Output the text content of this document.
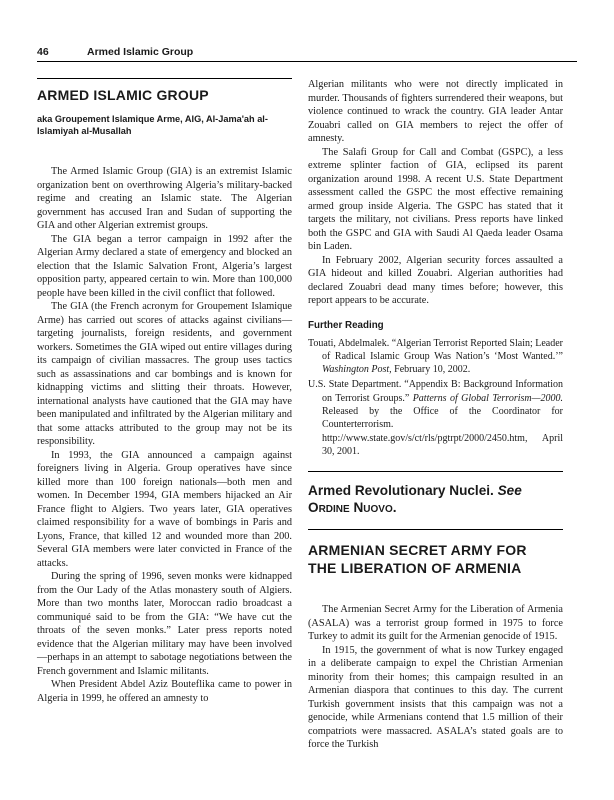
46	Armed Islamic Group
ARMED ISLAMIC GROUP
aka Groupement Islamique Arme, AIG, Al-Jama'ah al-Islamiyah al-Musallah

The Armed Islamic Group (GIA) is an extremist Islamic organization bent on overthrowing Algeria’s military-backed regime and creating an Islamic state. The Algerian government has accused Iran and Sudan of supporting the GIA and other Algerian extremist groups.

The GIA began a terror campaign in 1992 after the Algerian Army declared a state of emergency and blocked an election that the Islamic Salvation Front, Algeria’s largest opposition party, appeared certain to win. More than 100,000 people have been killed in the civil conflict that followed.

The GIA (the French acronym for Groupement Islamique Arme) has carried out scores of attacks against civilians—targeting journalists, foreign residents, and government workers. Sometimes the GIA wiped out entire villages during its campaign of civilian massacres. The group uses tactics such as assassinations and car bombings and is known for kidnapping victims and slitting their throats. However, international analysts have cautioned that the GIA may have been manipulated and infiltrated by the Algerian military and that some attacks attributed to the group may not be its responsibility.

In 1993, the GIA announced a campaign against foreigners living in Algeria. Group operatives have since killed more than 100 foreign nationals—both men and women. In December 1994, GIA members hijacked an Air France flight to Algiers. Two years later, GIA operatives claimed responsibility for a wave of bombings in Paris and Lyons, France, that killed 12 and wounded more than 200. Several GIA members were later convicted in France of the attacks.

During the spring of 1996, seven monks were kidnapped from the Our Lady of the Atlas monastery south of Algiers. More than two months later, Moroccan radio broadcast a communiqué said to be from the GIA: “We have cut the throats of the seven monks.” Later press reports noted evidence that the Algerian military may have been involved—perhaps in an attempt to sabotage negotiations between the French government and Islamic militants.

When President Abdel Aziz Bouteflika came to power in Algeria in 1999, he offered an amnesty to

Algerian militants who were not directly implicated in murder. Thousands of fighters surrendered their weapons, but violence continued to wrack the country. GIA leader Antar Zouabri called on GIA members to reject the offer of amnesty.

The Salafi Group for Call and Combat (GSPC), a less extreme splinter faction of GIA, eclipsed its parent organization around 1998. A recent U.S. State Department assessment called the GSPC the most effective remaining armed group inside Algeria. The GSPC has stated that it targets the military, not civilians. Press reports have linked both the GSPC and GIA with Saudi Al Qaeda leader Osama bin Laden.

In February 2002, Algerian security forces assaulted a GIA hideout and killed Zouabri. Algerian authorities had declared Zouabri dead many times before; however, this report appears to be accurate.

Further Reading

Touati, Abdelmalek. “Algerian Terrorist Reported Slain; Leader of Radical Islamic Group Was Nation’s ‘Most Wanted.’” Washington Post, February 10, 2002.

U.S. State Department. “Appendix B: Background Information on Terrorist Groups.” Patterns of Global Terrorism—2000. Released by the Office of the Coordinator for Counterterrorism. http://www.state.gov/s/ct/rls/pgtrpt/2000/2450.htm, April 30, 2001.

Armed Revolutionary Nuclei. See
Ordine Nuovo.
ARMENIAN SECRET ARMY FOR
THE LIBERATION OF ARMENIA

The Armenian Secret Army for the Liberation of Armenia (ASALA) was a terrorist group formed in 1975 to force Turkey to admit its guilt for the Armenian genocide of 1915.

In 1915, the government of what is now Turkey engaged in a deliberate campaign to expel the Christian Armenian minority from their homes; this campaign resulted in an Armenian diaspora that continues to this day. The current Turkish government insists that this campaign was not a genocide, while Armenians contend that 1.5 million of their compatriots were massacred. ASALA’s stated goals are to force the Turkish
